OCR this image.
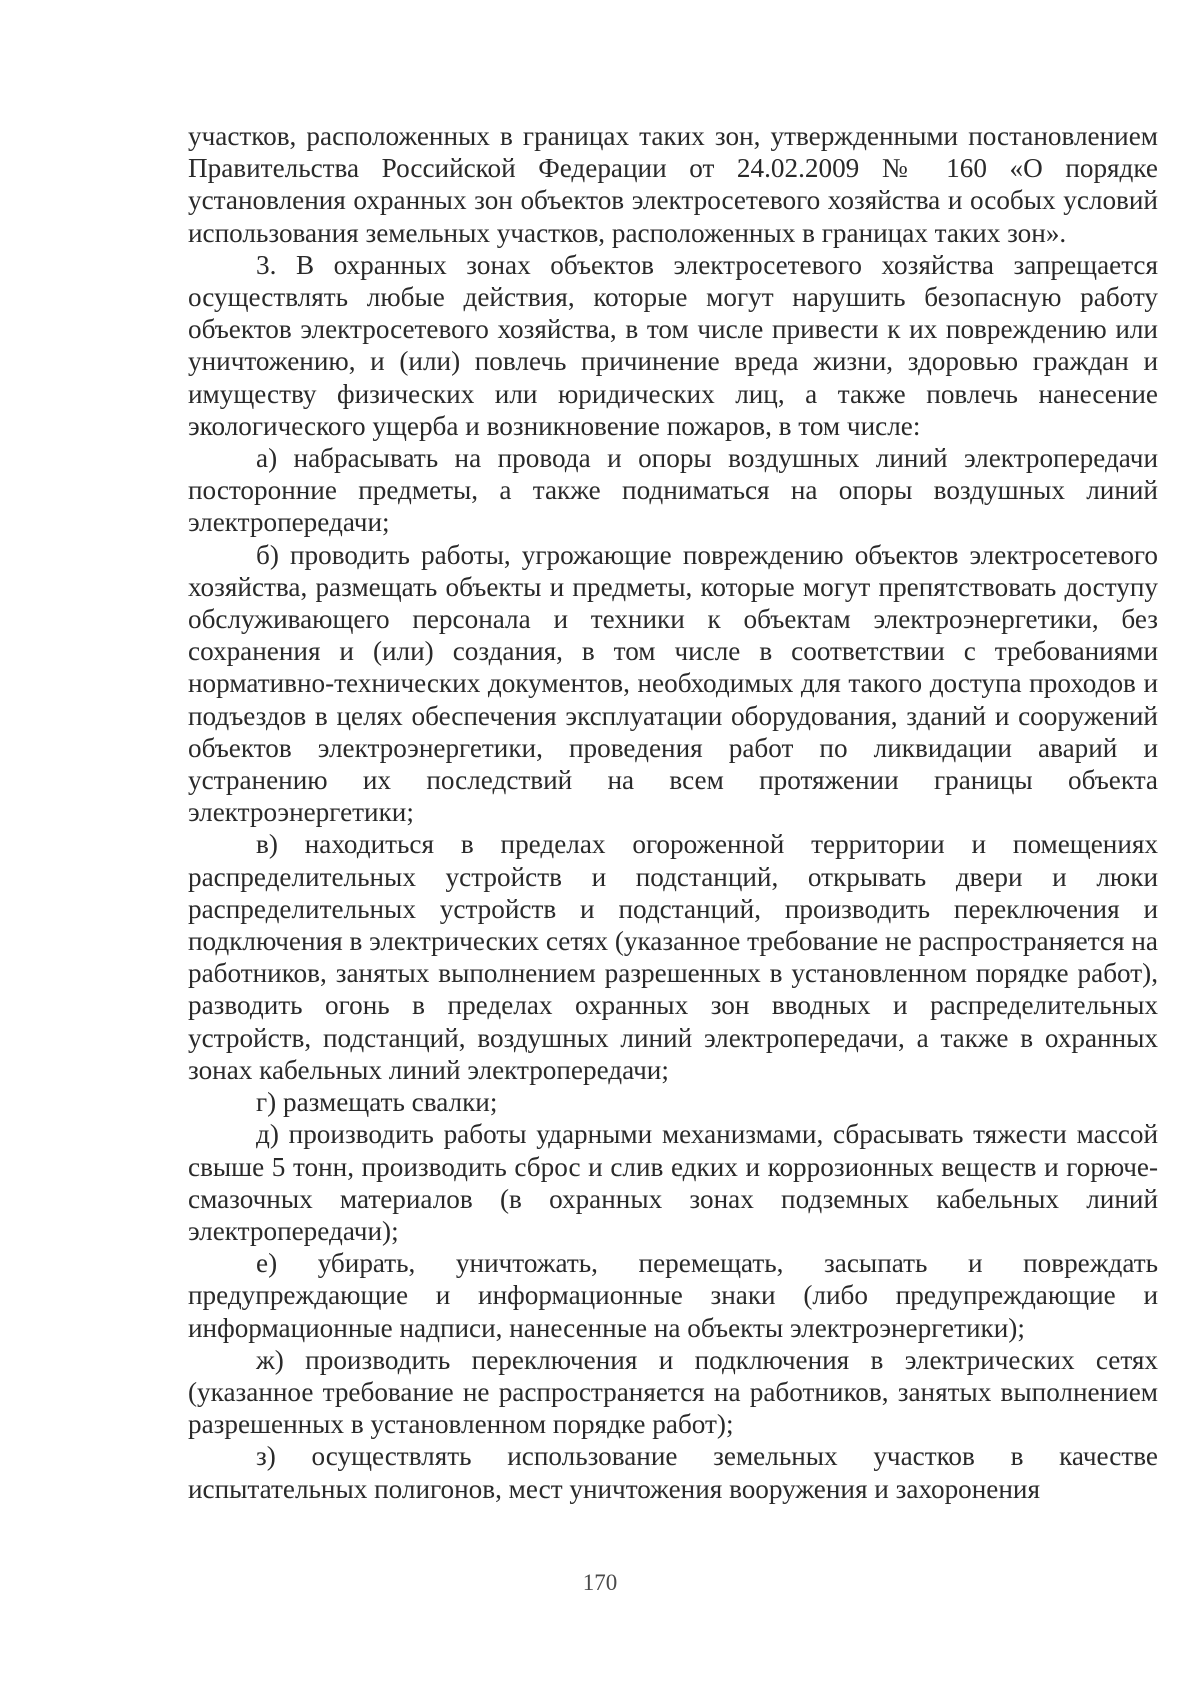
участков, расположенных в границах таких зон, утвержденными постановлением Правительства Российской Федерации от 24.02.2009 № 160 «О порядке установления охранных зон объектов электросетевого хозяйства и особых условий использования земельных участков, расположенных в границах таких зон».

3. В охранных зонах объектов электросетевого хозяйства запрещается осуществлять любые действия, которые могут нарушить безопасную работу объектов электросетевого хозяйства, в том числе привести к их повреждению или уничтожению, и (или) повлечь причинение вреда жизни, здоровью граждан и имуществу физических или юридических лиц, а также повлечь нанесение экологического ущерба и возникновение пожаров, в том числе:

а) набрасывать на провода и опоры воздушных линий электропередачи посторонние предметы, а также подниматься на опоры воздушных линий электропередачи;

б) проводить работы, угрожающие повреждению объектов электросетевого хозяйства, размещать объекты и предметы, которые могут препятствовать доступу обслуживающего персонала и техники к объектам электроэнергетики, без сохранения и (или) создания, в том числе в соответствии с требованиями нормативно-технических документов, необходимых для такого доступа проходов и подъездов в целях обеспечения эксплуатации оборудования, зданий и сооружений объектов электроэнергетики, проведения работ по ликвидации аварий и устранению их последствий на всем протяжении границы объекта электроэнергетики;

в) находиться в пределах огороженной территории и помещениях распределительных устройств и подстанций, открывать двери и люки распределительных устройств и подстанций, производить переключения и подключения в электрических сетях (указанное требование не распространяется на работников, занятых выполнением разрешенных в установленном порядке работ), разводить огонь в пределах охранных зон вводных и распределительных устройств, подстанций, воздушных линий электропередачи, а также в охранных зонах кабельных линий электропередачи;

г) размещать свалки;

д) производить работы ударными механизмами, сбрасывать тяжести массой свыше 5 тонн, производить сброс и слив едких и коррозионных веществ и горюче-смазочных материалов (в охранных зонах подземных кабельных линий электропередачи);

е) убирать, уничтожать, перемещать, засыпать и повреждать предупреждающие и информационные знаки (либо предупреждающие и информационные надписи, нанесенные на объекты электроэнергетики);

ж) производить переключения и подключения в электрических сетях (указанное требование не распространяется на работников, занятых выполнением разрешенных в установленном порядке работ);

з) осуществлять использование земельных участков в качестве испытательных полигонов, мест уничтожения вооружения и захоронения

170
